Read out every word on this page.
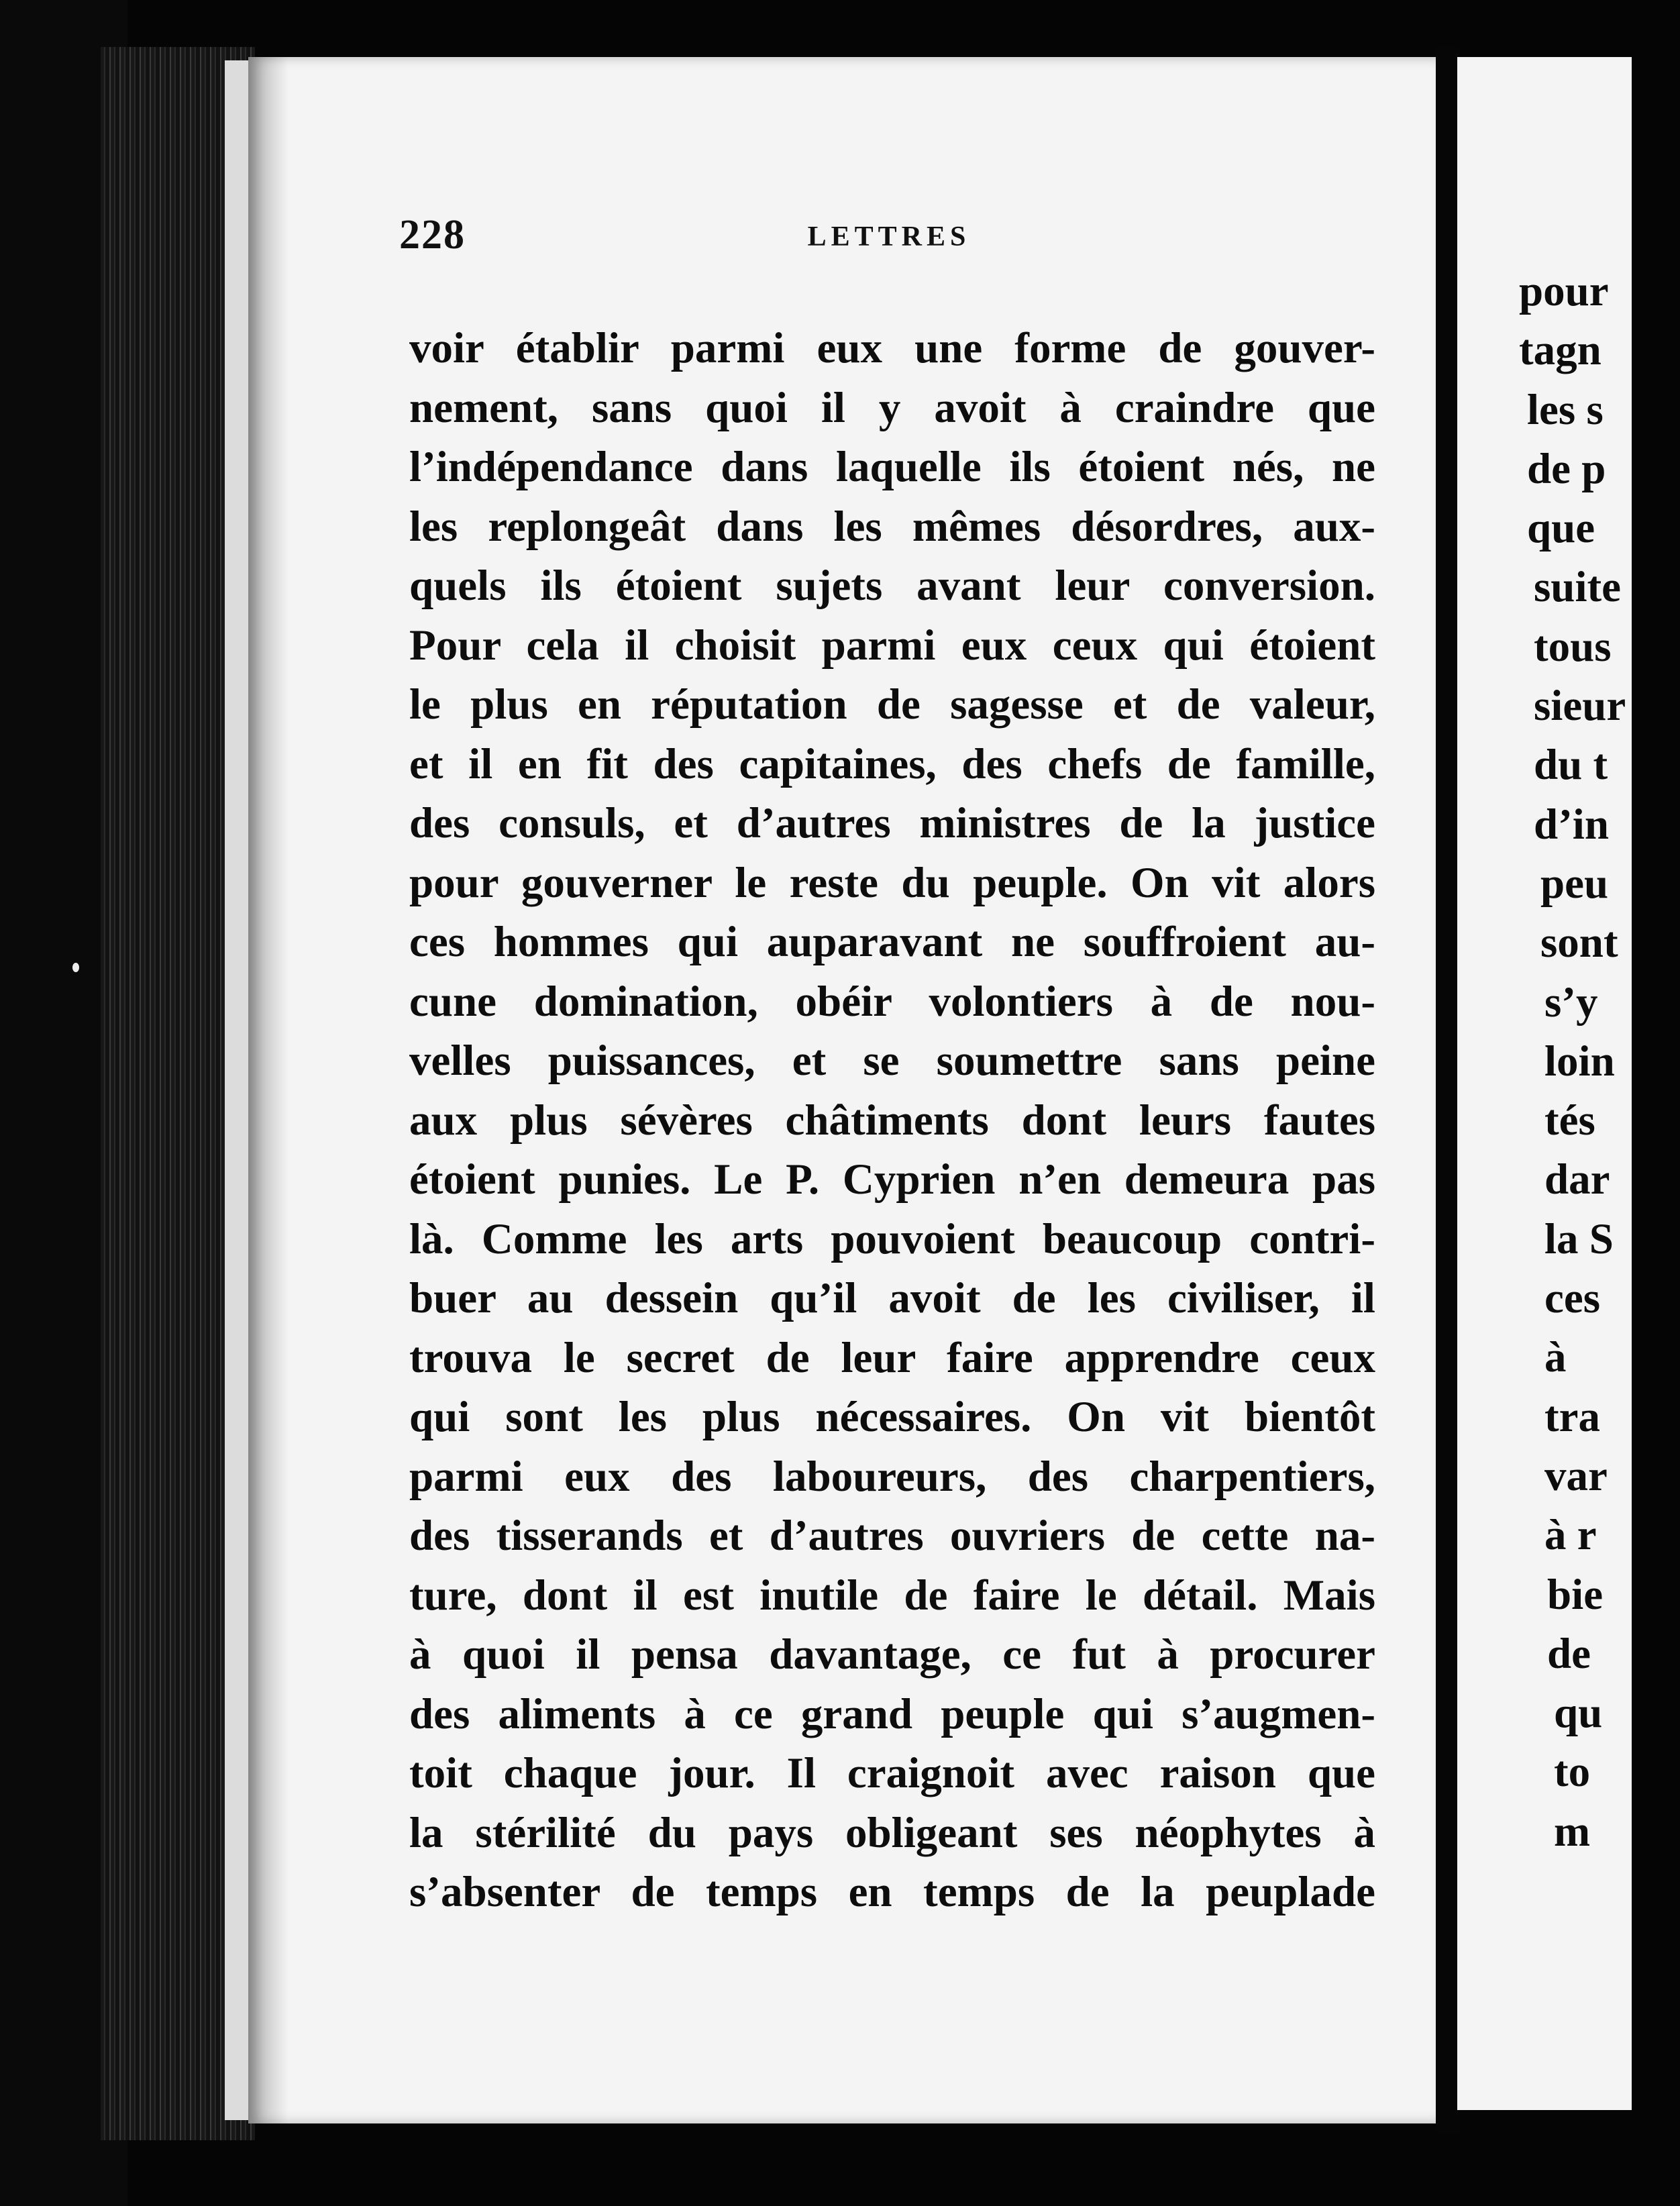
228	LETTRES
voir établir parmi eux une forme de gouver-
nement, sans quoi il y avoit à craindre que
l’indépendance dans laquelle ils étoient nés, ne
les replongeât dans les mêmes désordres, aux-
quels ils étoient sujets avant leur conversion.
Pour cela il choisit parmi eux ceux qui étoient
le plus en réputation de sagesse et de valeur,
et il en fit des capitaines, des chefs de famille,
des consuls, et d’autres ministres de la justice
pour gouverner le reste du peuple. On vit alors
ces hommes qui auparavant ne souffroient au-
cune domination, obéir volontiers à de nou-
velles puissances, et se soumettre sans peine
aux plus sévères châtiments dont leurs fautes
étoient punies. Le P. Cyprien n’en demeura pas
là. Comme les arts pouvoient beaucoup contri-
buer au dessein qu’il avoit de les civiliser, il
trouva le secret de leur faire apprendre ceux
qui sont les plus nécessaires. On vit bientôt
parmi eux des laboureurs, des charpentiers,
des tisserands et d’autres ouvriers de cette na-
ture, dont il est inutile de faire le détail. Mais
à quoi il pensa davantage, ce fut à procurer
des aliments à ce grand peuple qui s’augmen-
toit chaque jour. Il craignoit avec raison que
la stérilité du pays obligeant ses néophytes à
s’absenter de temps en temps de la peuplade
pour
tagn
les s
de p
que
suite
tous
sieur
du t
d’in
peu
sont
s’y
loin
tés
dar
la S
ces
à
tra
var
à r
bie
de
qu
to
m
